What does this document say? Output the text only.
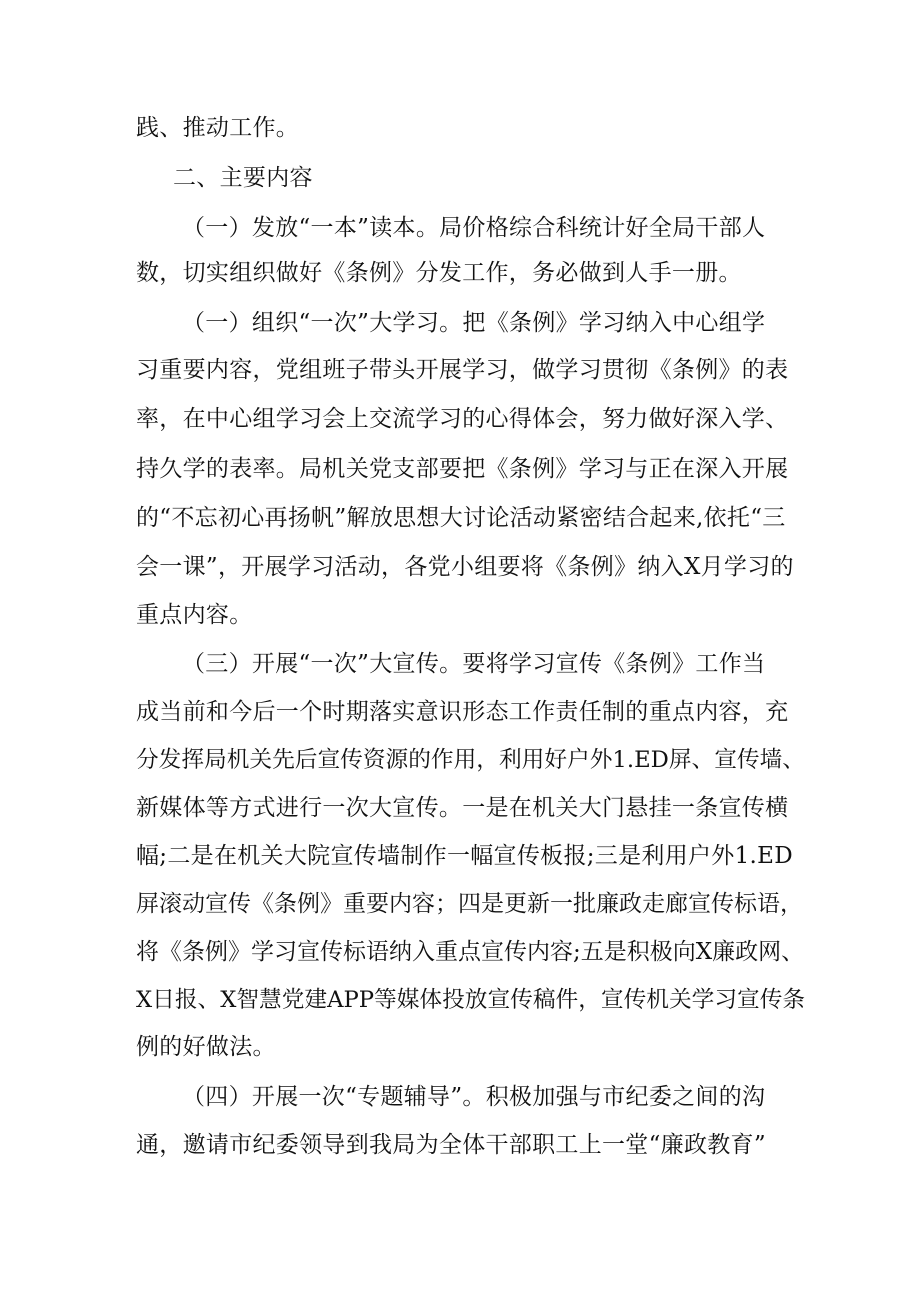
践、推动工作。
二、主要内容
（一）发放“一本”读本。局价格综合科统计好全局干部人
数，切实组织做好《条例》分发工作，务必做到人手一册。
（一）组织“一次”大学习。把《条例》学习纳入中心组学
习重要内容，党组班子带头开展学习，做学习贯彻《条例》的表
率，在中心组学习会上交流学习的心得体会，努力做好深入学、
持久学的表率。局机关党支部要把《条例》学习与正在深入开展
的“不忘初心再扬帆”解放思想大讨论活动紧密结合起来,依托“三
会一课”，开展学习活动，各党小组要将《条例》纳入X月学习的
重点内容。
（三）开展“一次”大宣传。要将学习宣传《条例》工作当
成当前和今后一个时期落实意识形态工作责任制的重点内容，充
分发挥局机关先后宣传资源的作用，利用好户外1.ED屏、宣传墙、
新媒体等方式进行一次大宣传。一是在机关大门悬挂一条宣传横
幅;二是在机关大院宣传墙制作一幅宣传板报;三是利用户外1.ED
屏滚动宣传《条例》重要内容；四是更新一批廉政走廊宣传标语，
将《条例》学习宣传标语纳入重点宣传内容;五是积极向X廉政网、
X日报、X智慧党建APP等媒体投放宣传稿件，宣传机关学习宣传条
例的好做法。
（四）开展一次“专题辅导”。积极加强与市纪委之间的沟
通，邀请市纪委领导到我局为全体干部职工上一堂“廉政教育”
